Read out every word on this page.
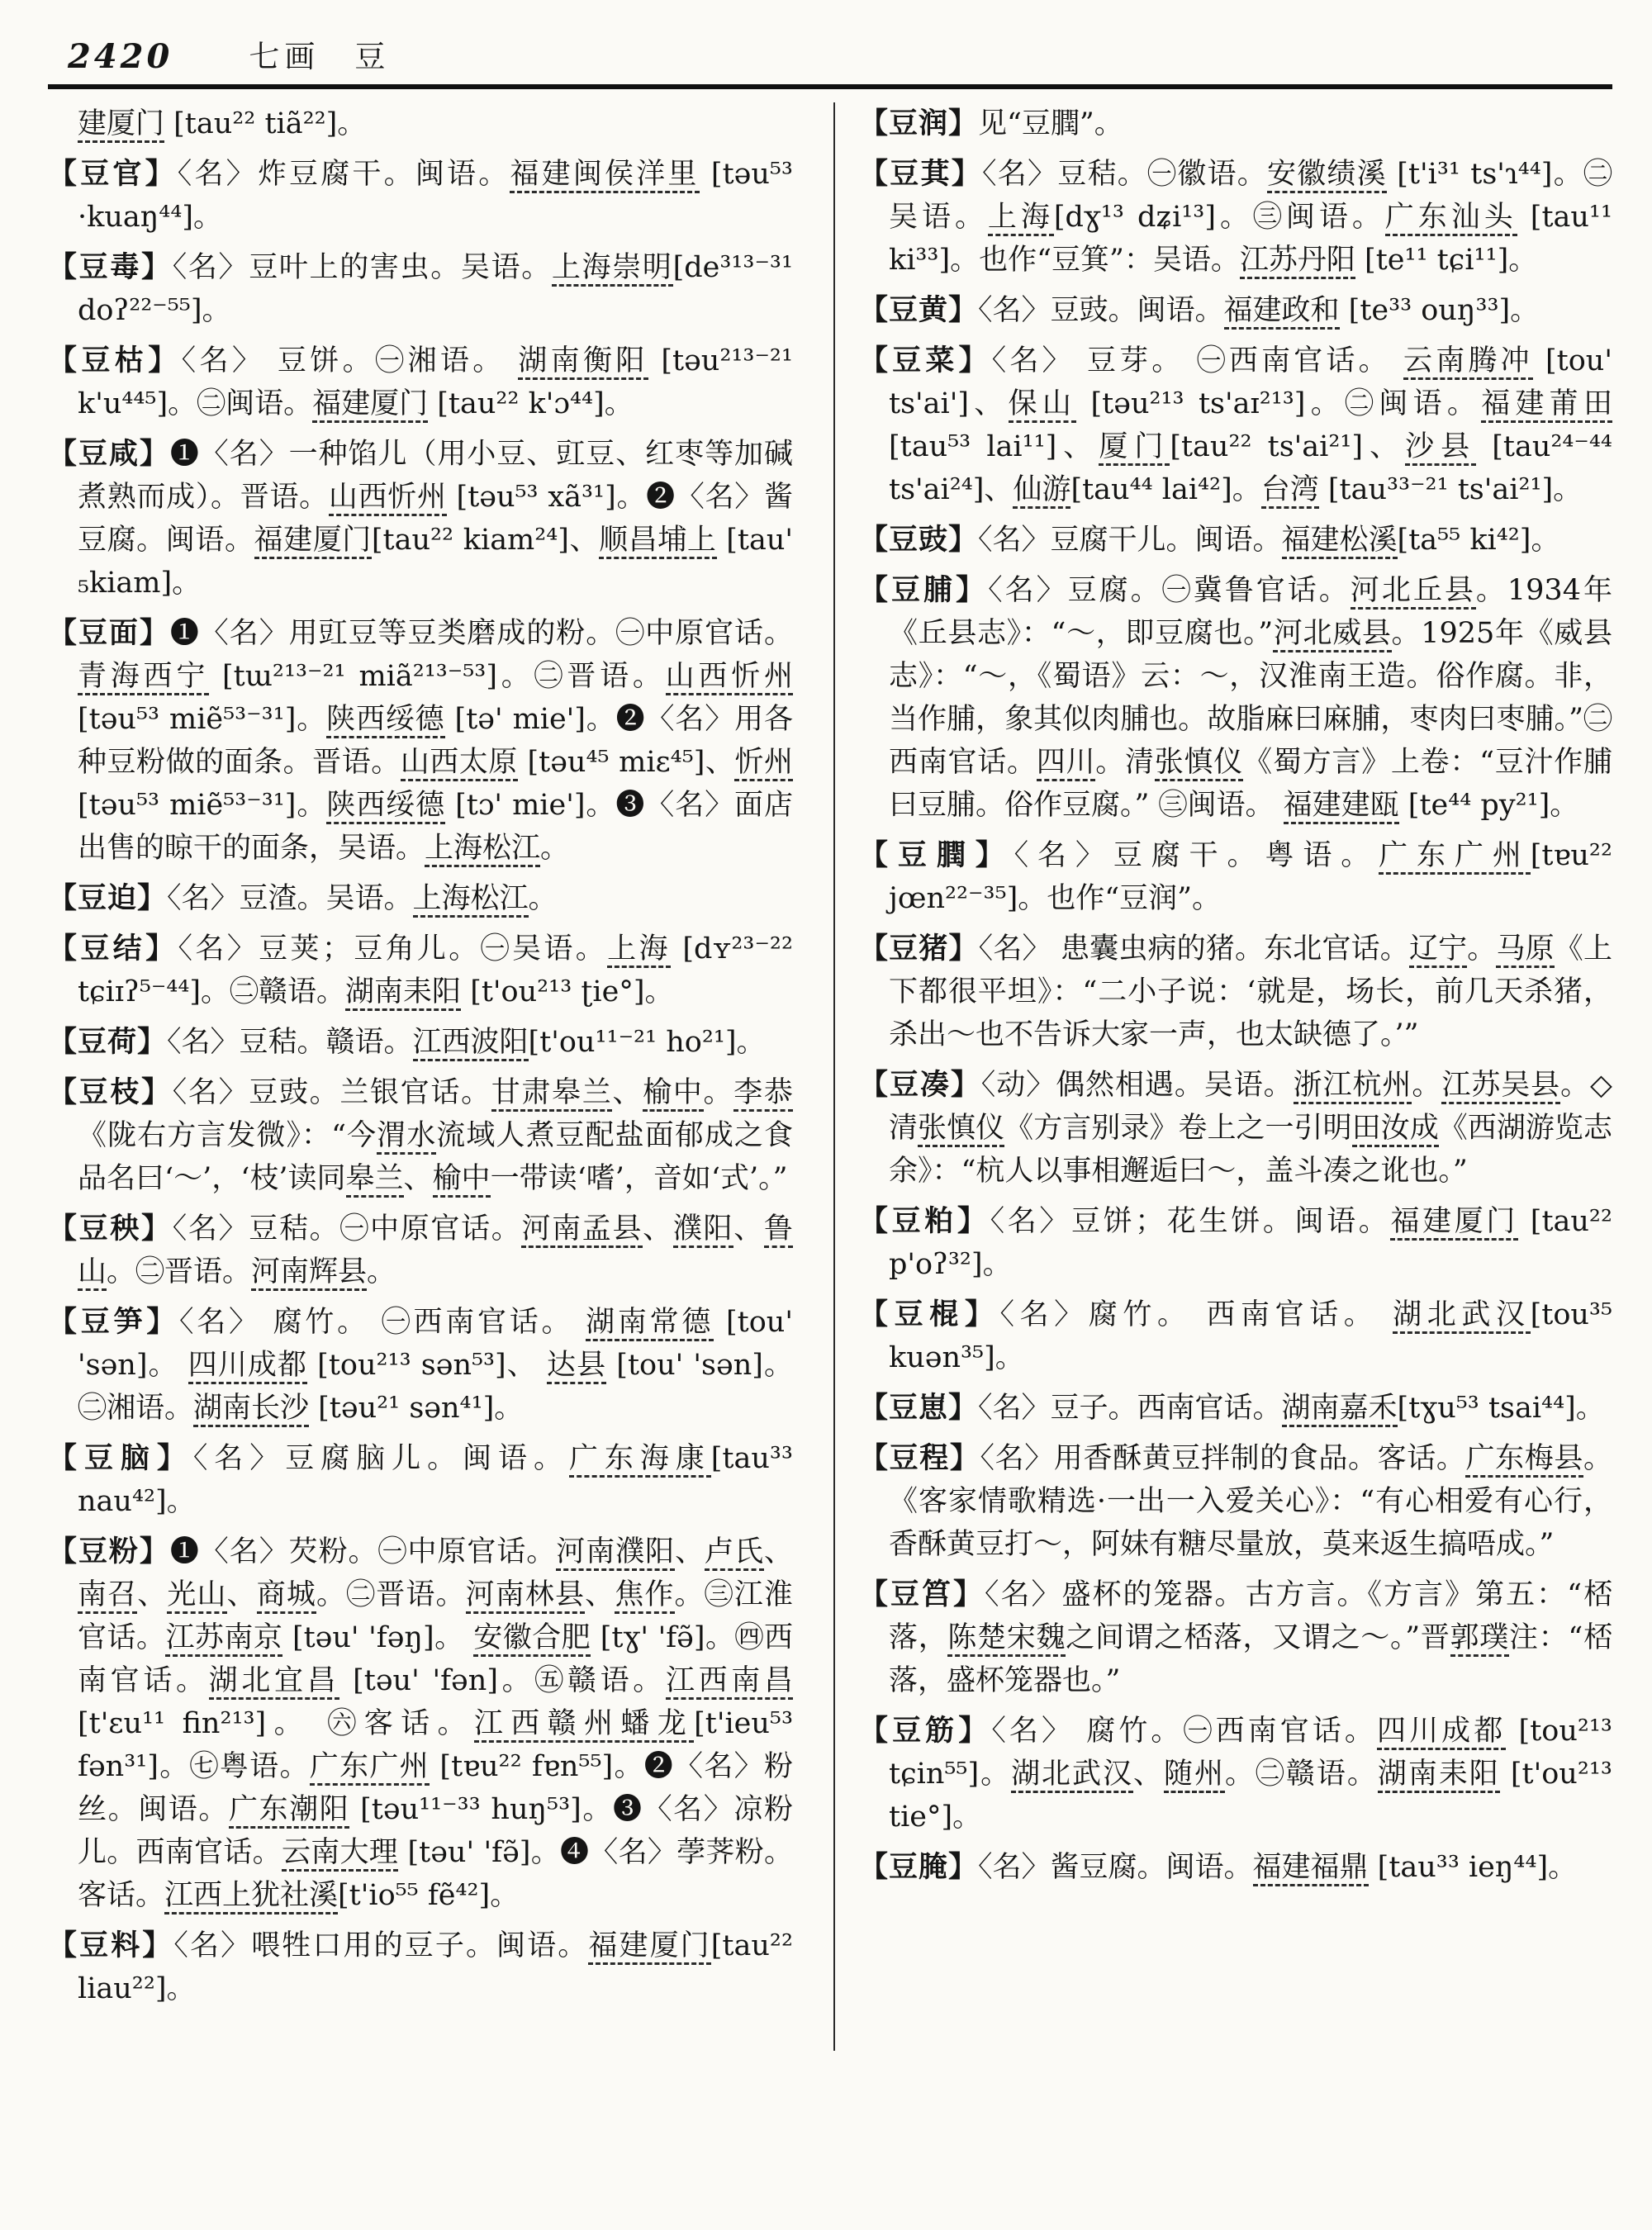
2420 七画 豆
建厦门 [tau²² tiã²²]。
【豆官】〈名〉炸豆腐干。闽语。福建闽侯洋里 [təu⁵³ ·kuaŋ⁴⁴]。
【豆毒】〈名〉豆叶上的害虫。吴语。上海崇明[de³¹³⁻³¹ doʔ²²⁻⁵⁵]。
【豆枯】〈名〉 豆饼。㊀湘语。 湖南衡阳 [təu²¹³⁻²¹ k'u⁴⁴⁵]。㊁闽语。福建厦门 [tau²² k'ɔ⁴⁴]。
【豆咸】❶〈名〉一种馅儿（用小豆、豇豆、红枣等加碱煮熟而成）。晋语。山西忻州 [təu⁵³ xã³¹]。❷〈名〉酱豆腐。闽语。福建厦门[tau²² kiam²⁴]、顺昌埔上 [tau' ₅kiam]。
【豆面】❶〈名〉用豇豆等豆类磨成的粉。㊀中原官话。青海西宁 [tɯ²¹³⁻²¹ miã²¹³⁻⁵³]。㊁晋语。山西忻州 [təu⁵³ miẽ⁵³⁻³¹]。陕西绥德 [tə' mie']。❷〈名〉用各种豆粉做的面条。晋语。山西太原 [təu⁴⁵ miɛ⁴⁵]、忻州 [təu⁵³ miẽ⁵³⁻³¹]。陕西绥德 [tɔ' mie']。❸〈名〉面店出售的晾干的面条，吴语。上海松江。
【豆迫】〈名〉豆渣。吴语。上海松江。
【豆结】〈名〉豆荚；豆角儿。㊀吴语。上海 [dʏ²³⁻²² tɕiɪʔ⁵⁻⁴⁴]。㊁赣语。湖南耒阳 [t'ou²¹³ ʈie°]。
【豆荷】〈名〉豆秸。赣语。江西波阳[t'ou¹¹⁻²¹ ho²¹]。
【豆枝】〈名〉豆豉。兰银官话。甘肃皋兰、榆中。李恭《陇右方言发微》：“今渭水流域人煮豆配盐面郁成之食品名曰‘～’，‘枝’读同皋兰、榆中一带读‘嗜’，音如‘式’。”
【豆秧】〈名〉豆秸。㊀中原官话。河南孟县、濮阳、鲁山。㊁晋语。河南辉县。
【豆笋】〈名〉 腐竹。 ㊀西南官话。 湖南常德 [tou' 'sən]。 四川成都 [tou²¹³ sən⁵³]、 达县 [tou' 'sən]。㊁湘语。湖南长沙 [təu²¹ sən⁴¹]。
【豆脑】〈名〉豆腐脑儿。闽语。广东海康[tau³³ nau⁴²]。
【豆粉】❶〈名〉芡粉。㊀中原官话。河南濮阳、卢氏、南召、光山、商城。㊁晋语。河南林县、焦作。㊂江淮官话。江苏南京 [təu' 'fəŋ]。 安徽合肥 [tɣ' 'fə̃]。㊃西南官话。湖北宜昌 [təu' 'fən]。㊄赣语。江西南昌 [t'ɛu¹¹ fin²¹³]。 ㊅客话。江西赣州蟠龙[t'ieu⁵³ fən³¹]。㊆粤语。广东广州 [tɐu²² fɐn⁵⁵]。❷〈名〉粉丝。闽语。广东潮阳 [təu¹¹⁻³³ huŋ⁵³]。❸〈名〉凉粉儿。西南官话。云南大理 [təu' 'fə̃]。❹〈名〉荸荠粉。客话。江西上犹社溪[t'io⁵⁵ fẽ⁴²]。
【豆料】〈名〉喂牲口用的豆子。闽语。福建厦门[tau²² liau²²]。
【豆润】见“豆膶”。
【豆萁】〈名〉豆秸。㊀徽语。安徽绩溪 [t'i³¹ ts'ɿ⁴⁴]。㊁吴语。上海[dɣ¹³ dʑi¹³]。㊂闽语。广东汕头 [tau¹¹ ki³³]。也作“豆箕”：吴语。江苏丹阳 [te¹¹ tɕi¹¹]。
【豆黄】〈名〉豆豉。闽语。福建政和 [te³³ ouŋ³³]。
【豆菜】〈名〉 豆芽。 ㊀西南官话。 云南腾冲 [tou' ts'ai']、保山 [təu²¹³ ts'aɪ²¹³]。㊁闽语。福建莆田[tau⁵³ lai¹¹]、厦门[tau²² ts'ai²¹]、沙县 [tau²⁴⁻⁴⁴ ts'ai²⁴]、仙游[tau⁴⁴ lai⁴²]。台湾 [tau³³⁻²¹ ts'ai²¹]。
【豆豉】〈名〉豆腐干儿。闽语。福建松溪[ta⁵⁵ ki⁴²]。
【豆脯】〈名〉豆腐。㊀冀鲁官话。河北丘县。1934年《丘县志》：“～，即豆腐也。”河北威县。1925年《威县志》：“～，《蜀语》云：～，汉淮南王造。俗作腐。非，当作脯，象其似肉脯也。故脂麻曰麻脯，枣肉曰枣脯。”㊁西南官话。四川。清张慎仪《蜀方言》上卷：“豆汁作脯曰豆脯。俗作豆腐。” ㊂闽语。 福建建瓯 [te⁴⁴ py²¹]。
【豆膶】〈名〉豆腐干。粤语。广东广州[tɐu²² jœn²²⁻³⁵]。也作“豆润”。
【豆猪】〈名〉 患囊虫病的猪。东北官话。辽宁。马原《上下都很平坦》：“二小子说：‘就是，场长，前几天杀猪，杀出～也不告诉大家一声，也太缺德了。’”
【豆凑】〈动〉偶然相遇。吴语。浙江杭州。江苏吴县。◇清张慎仪《方言别录》卷上之一引明田汝成《西湖游览志余》：“杭人以事相邂逅曰～，盖斗凑之讹也。”
【豆粕】〈名〉豆饼；花生饼。闽语。福建厦门 [tau²² p'oʔ³²]。
【豆棍】〈名〉腐竹。 西南官话。 湖北武汉[tou³⁵ kuən³⁵]。
【豆崽】〈名〉豆子。西南官话。湖南嘉禾[tɣu⁵³ tsai⁴⁴]。
【豆程】〈名〉用香酥黄豆拌制的食品。客话。广东梅县。《客家情歌精选·一出一入爱关心》：“有心相爱有心行，香酥黄豆打～，阿妹有糖尽量放，莫来返生搞唔成。”
【豆筥】〈名〉盛杯的笼器。古方言。《方言》第五：“桮落，陈楚宋魏之间谓之桮落，又谓之～。”晋郭璞注：“桮落，盛杯笼器也。”
【豆筋】〈名〉 腐竹。㊀西南官话。四川成都 [tou²¹³ tɕin⁵⁵]。湖北武汉、随州。㊁赣语。湖南耒阳 [t'ou²¹³ tie°]。
【豆腌】〈名〉酱豆腐。闽语。福建福鼎 [tau³³ ieŋ⁴⁴]。
